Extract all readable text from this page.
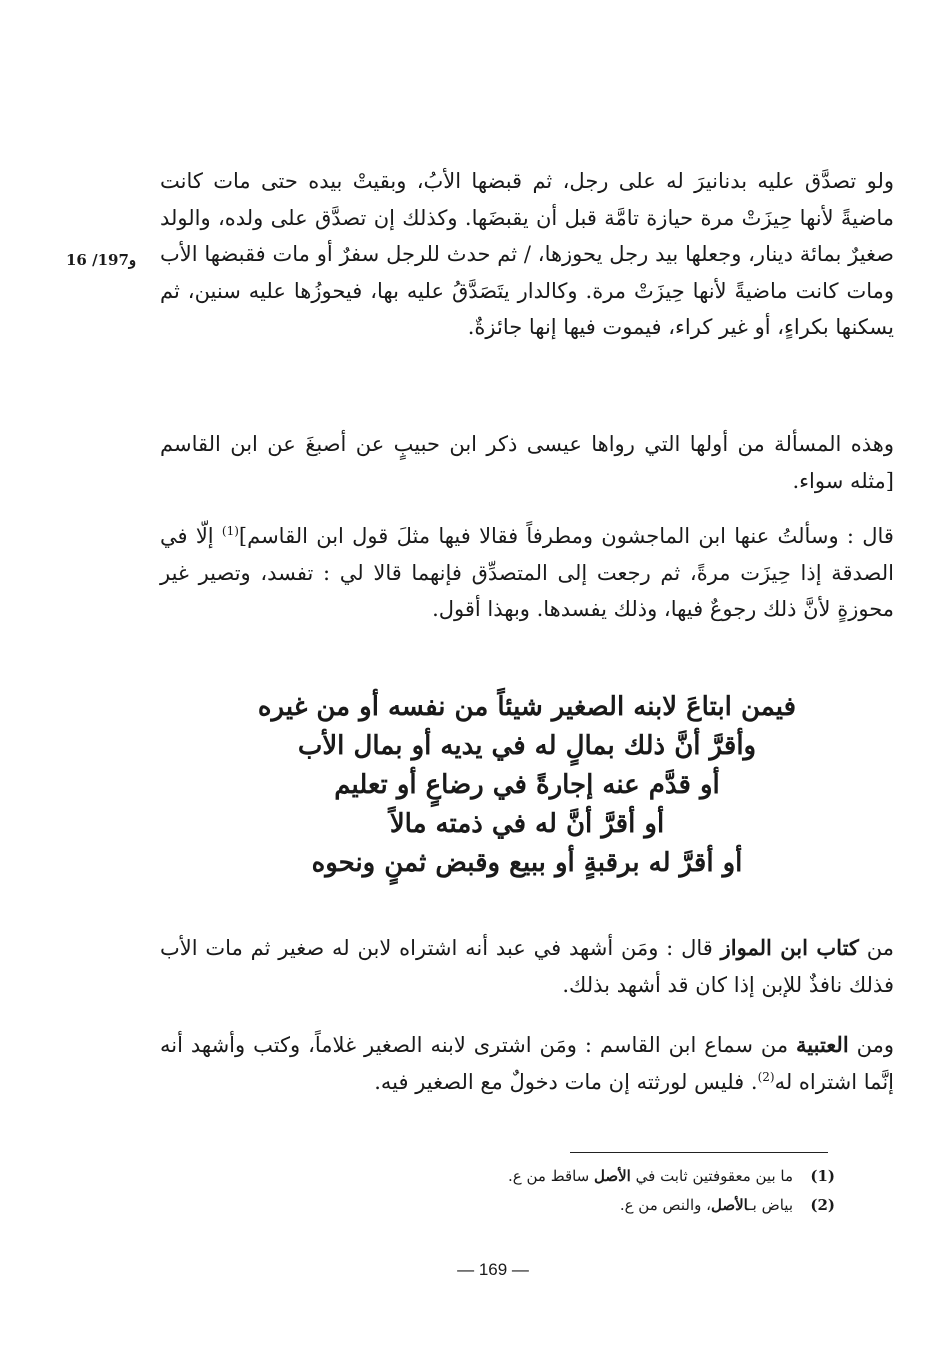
16 /197و

ولو تصدَّق عليه بدنانيرَ له على رجل، ثم قبضها الأبُ، وبقيتْ بيده حتى مات كانت ماضيةً لأنها حِيزَتْ مرة حيازة تامَّة قبل أن يقبضَها. وكذلك إن تصدَّق على ولده، والولد صغيرٌ بمائة دينار، وجعلها بيد رجل يحوزها، / ثم حدث للرجل سفرٌ أو مات فقبضها الأب ومات كانت ماضيةً لأنها حِيزَتْ مرة. وكالدار يتَصَدَّقُ عليه بها، فيحوزُها عليه سنين، ثم يسكنها بكراءٍ، أو غير كراء، فيموت فيها إنها جائزةٌ.

وهذه المسألة من أولها التي رواها عيسى ذكر ابن حبيبٍ عن أصبغَ عن ابن القاسم [مثله سواء.

قال : وسألتُ عنها ابن الماجشون ومطرفاً فقالا فيها مثلَ قول ابن القاسم]$^{(1)}$ إلّا في الصدقة إذا حِيزَت مرةً، ثم رجعت إلى المتصدِّق فإنهما قالا لي : تفسد، وتصير غير محوزةٍ لأنَّ ذلك رجوعٌ فيها، وذلك يفسدها. وبهذا أقول.

فيمن ابتاعَ لابنه الصغير شيئاً من نفسه أو من غيره
وأقرَّ أنَّ ذلك بمالٍ له في يديه أو بمال الأب
أو قدَّم عنه إجارةً في رضاعٍ أو تعليم
أو أقرَّ أنَّ له في ذمته مالاً
أو أقرَّ له برقبةٍ أو ببيع وقبض ثمنٍ ونحوه

من كتاب ابن المواز قال : ومَن أشهد في عبد أنه اشتراه لابن له صغير ثم مات الأب فذلك نافذٌ للإبن إذا كان قد أشهد بذلك.

ومن العتبية من سماع ابن القاسم : ومَن اشترى لابنه الصغير غلاماً، وكتب وأشهد أنه إنَّما اشتراه له$^{(2)}$. فليس لورثته إن مات دخولٌ مع الصغير فيه.

(1)ما بين معقوفتين ثابت في الأصل ساقط من ع.
(2)بياض بـالأصل، والنص من ع.
— 169 —
